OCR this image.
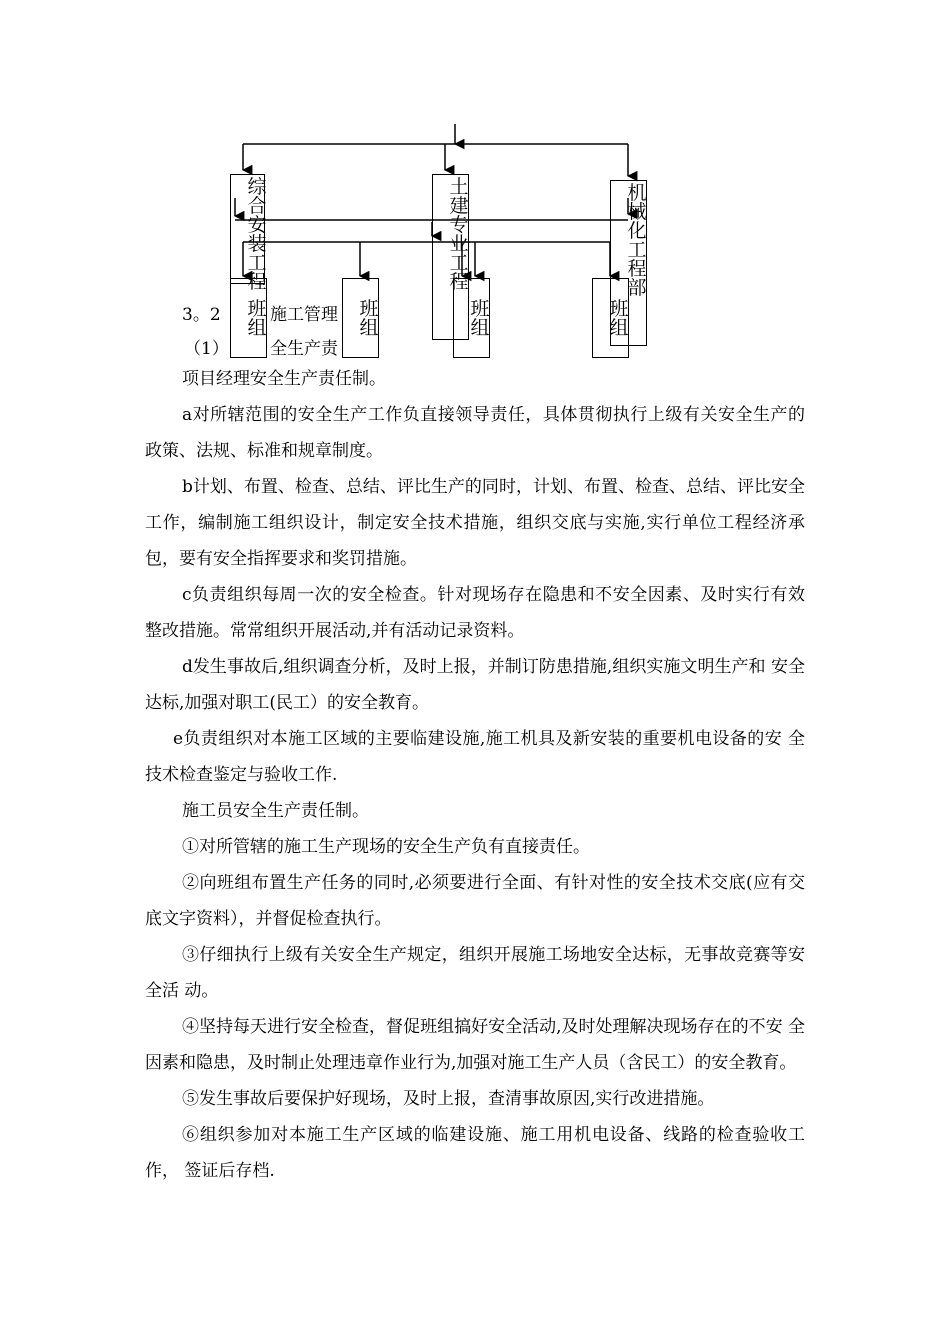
综合安装工程
土建专业工程
机械化工程部
班组
班组
班组
班组
3。2	施工管理
（1） 全生产责

项目经理安全生产责任制。

a对所辖范围的安全生产工作负直接领导责任，具体贯彻执行上级有关安全生产的 政策、法规、标准和规章制度。

b计划、布置、检查、总结、评比生产的同时，计划、布置、检查、总结、评比安全 工作，编制施工组织设计，制定安全技术措施，组织交底与实施,实行单位工程经济承包，要有安全指挥要求和奖罚措施。

c负责组织每周一次的安全检查。针对现场存在隐患和不安全因素、及时实行有效 整改措施。常常组织开展活动,并有活动记录资料。

d发生事故后,组织调查分析，及时上报，并制订防患措施,组织实施文明生产和 安全达标,加强对职工(民工）的安全教育。

e负责组织对本施工区域的主要临建设施,施工机具及新安装的重要机电设备的安 全技术检查鉴定与验收工作.

施工员安全生产责任制。

①对所管辖的施工生产现场的安全生产负有直接责任。

②向班组布置生产任务的同时,必须要进行全面、有针对性的安全技术交底(应有交 底文字资料），并督促检查执行。

③仔细执行上级有关安全生产规定，组织开展施工场地安全达标，无事故竞赛等安全活 动。

④坚持每天进行安全检查，督促班组搞好安全活动,及时处理解决现场存在的不安 全因素和隐患，及时制止处理违章作业行为,加强对施工生产人员（含民工）的安全教育。

⑤发生事故后要保护好现场，及时上报，查清事故原因,实行改进措施。

⑥组织参加对本施工生产区域的临建设施、施工用机电设备、线路的检查验收工作， 签证后存档.
